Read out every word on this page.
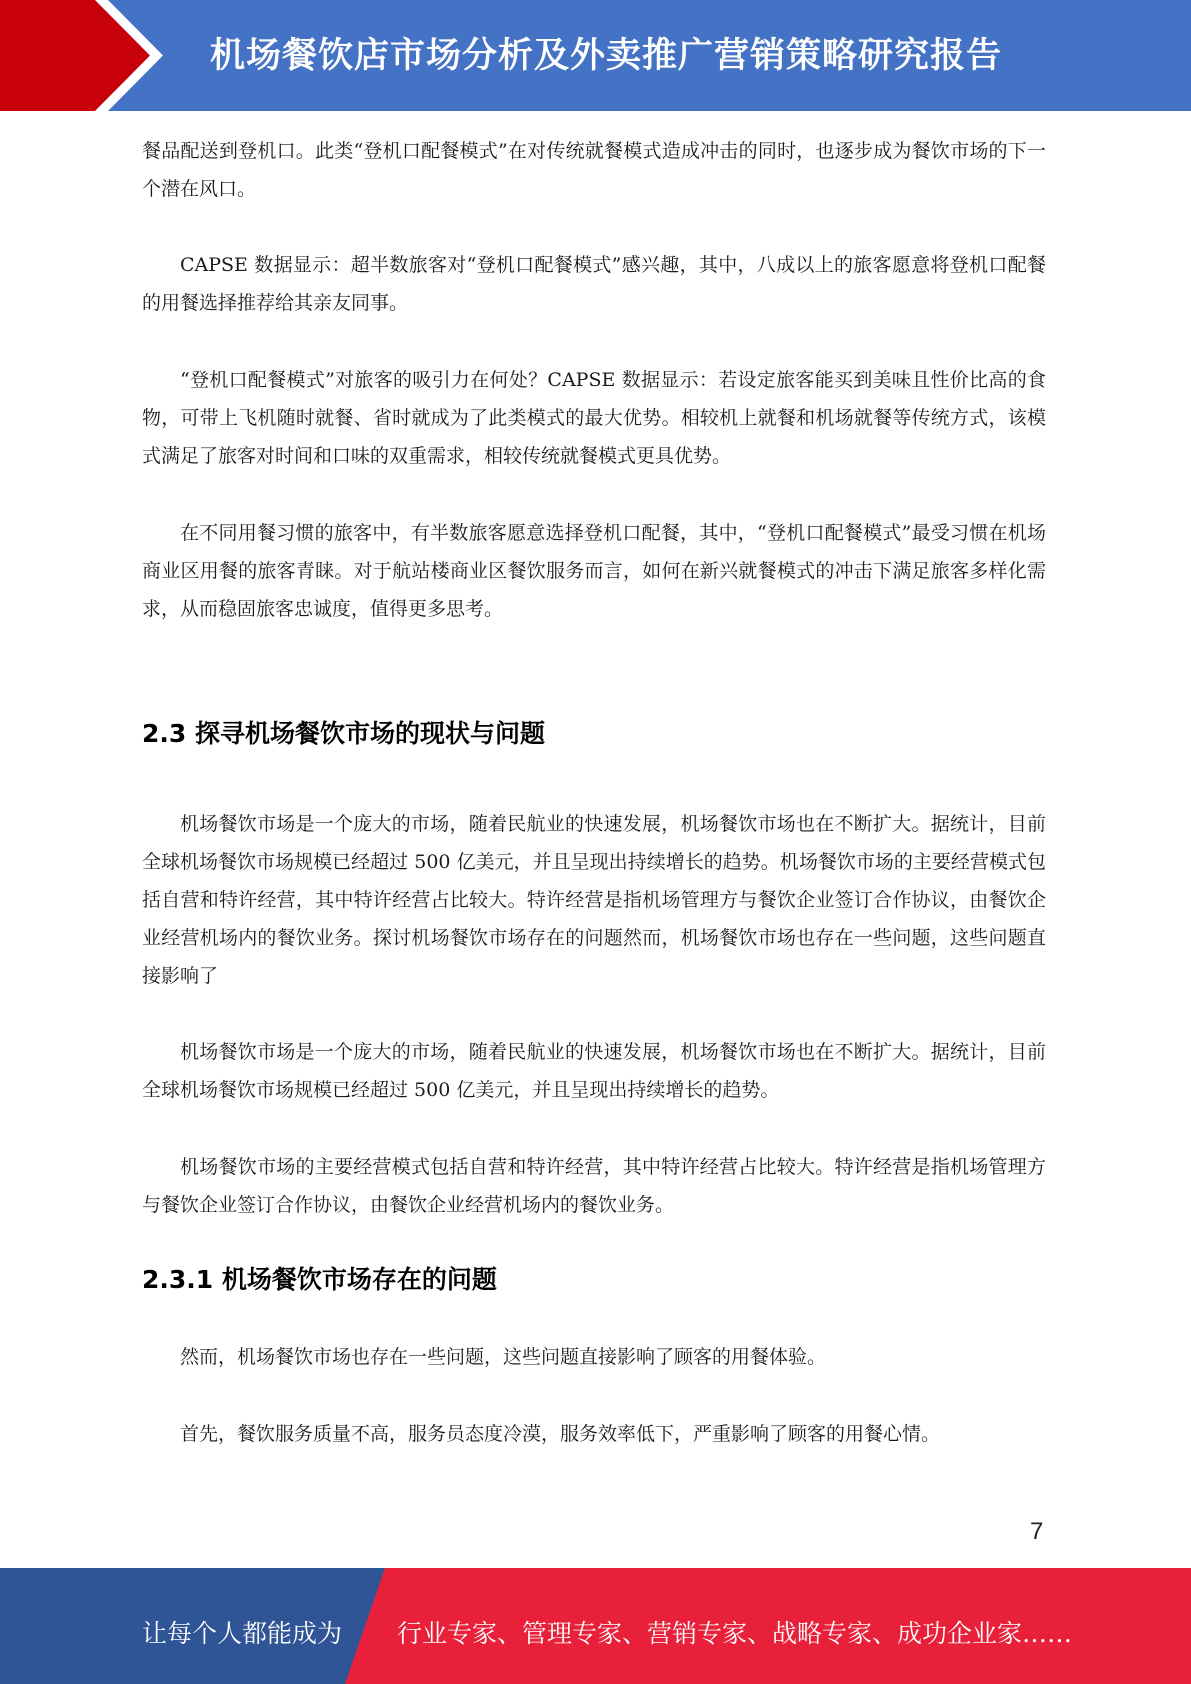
机场餐饮店市场分析及外卖推广营销策略研究报告

餐品配送到登机口。此类“登机口配餐模式”在对传统就餐模式造成冲击的同时，也逐步成为餐饮市场的下一个潜在风口。

CAPSE 数据显示：超半数旅客对“登机口配餐模式”感兴趣，其中，八成以上的旅客愿意将登机口配餐的用餐选择推荐给其亲友同事。

“登机口配餐模式”对旅客的吸引力在何处？CAPSE 数据显示：若设定旅客能买到美味且性价比高的食物，可带上飞机随时就餐、省时就成为了此类模式的最大优势。相较机上就餐和机场就餐等传统方式，该模式满足了旅客对时间和口味的双重需求，相较传统就餐模式更具优势。

在不同用餐习惯的旅客中，有半数旅客愿意选择登机口配餐，其中，“登机口配餐模式”最受习惯在机场商业区用餐的旅客青睐。对于航站楼商业区餐饮服务而言，如何在新兴就餐模式的冲击下满足旅客多样化需求，从而稳固旅客忠诚度，值得更多思考。

2.3 探寻机场餐饮市场的现状与问题

机场餐饮市场是一个庞大的市场，随着民航业的快速发展，机场餐饮市场也在不断扩大。据统计，目前全球机场餐饮市场规模已经超过 500 亿美元，并且呈现出持续增长的趋势。机场餐饮市场的主要经营模式包括自营和特许经营，其中特许经营占比较大。特许经营是指机场管理方与餐饮企业签订合作协议，由餐饮企业经营机场内的餐饮业务。探讨机场餐饮市场存在的问题然而，机场餐饮市场也存在一些问题，这些问题直接影响了

机场餐饮市场是一个庞大的市场，随着民航业的快速发展，机场餐饮市场也在不断扩大。据统计，目前全球机场餐饮市场规模已经超过 500 亿美元，并且呈现出持续增长的趋势。

机场餐饮市场的主要经营模式包括自营和特许经营，其中特许经营占比较大。特许经营是指机场管理方与餐饮企业签订合作协议，由餐饮企业经营机场内的餐饮业务。

2.3.1 机场餐饮市场存在的问题

然而，机场餐饮市场也存在一些问题，这些问题直接影响了顾客的用餐体验。

首先，餐饮服务质量不高，服务员态度冷漠，服务效率低下，严重影响了顾客的用餐心情。

7
让每个人都能成为 行业专家、管理专家、营销专家、战略专家、成功企业家……
